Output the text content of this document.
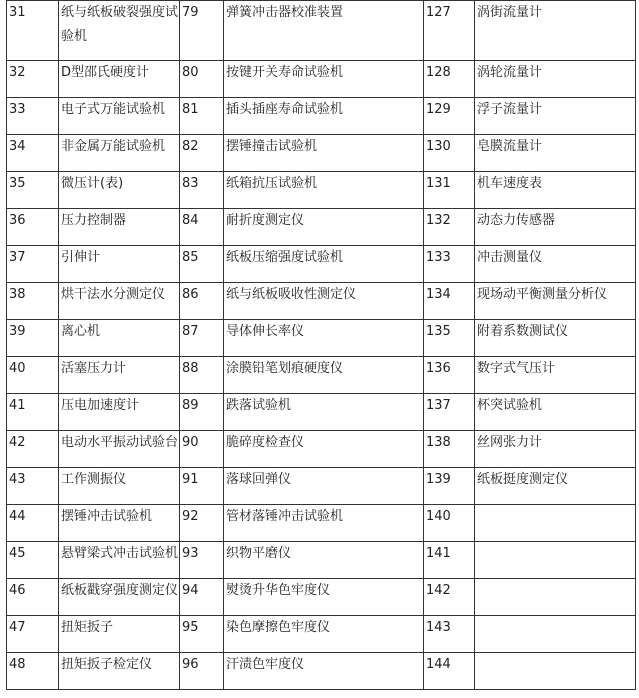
31	纸与纸板破裂强度试验机	79	弹簧冲击器校准装置	127	涡街流量计
32	D型邵氏硬度计	80	按键开关寿命试验机	128	涡轮流量计
33	电子式万能试验机	81	插头插座寿命试验机	129	浮子流量计
34	非金属万能试验机	82	摆锤撞击试验机	130	皂膜流量计
35	微压计(表)	83	纸箱抗压试验机	131	机车速度表
36	压力控制器	84	耐折度测定仪	132	动态力传感器
37	引伸计	85	纸板压缩强度试验机	133	冲击测量仪
38	烘干法水分测定仪	86	纸与纸板吸收性测定仪	134	现场动平衡测量分析仪
39	离心机	87	导体伸长率仪	135	附着系数测试仪
40	活塞压力计	88	涂膜铅笔划痕硬度仪	136	数字式气压计
41	压电加速度计	89	跌落试验机	137	杯突试验机
42	电动水平振动试验台	90	脆碎度检查仪	138	丝网张力计
43	工作测振仪	91	落球回弹仪	139	纸板挺度测定仪
44	摆锤冲击试验机	92	管材落锤冲击试验机	140	
45	悬臂梁式冲击试验机	93	织物平磨仪	141	
46	纸板戳穿强度测定仪	94	熨烫升华色牢度仪	142	
47	扭矩扳子	95	染色摩擦色牢度仪	143	
48	扭矩扳子检定仪	96	汗渍色牢度仪	144	
